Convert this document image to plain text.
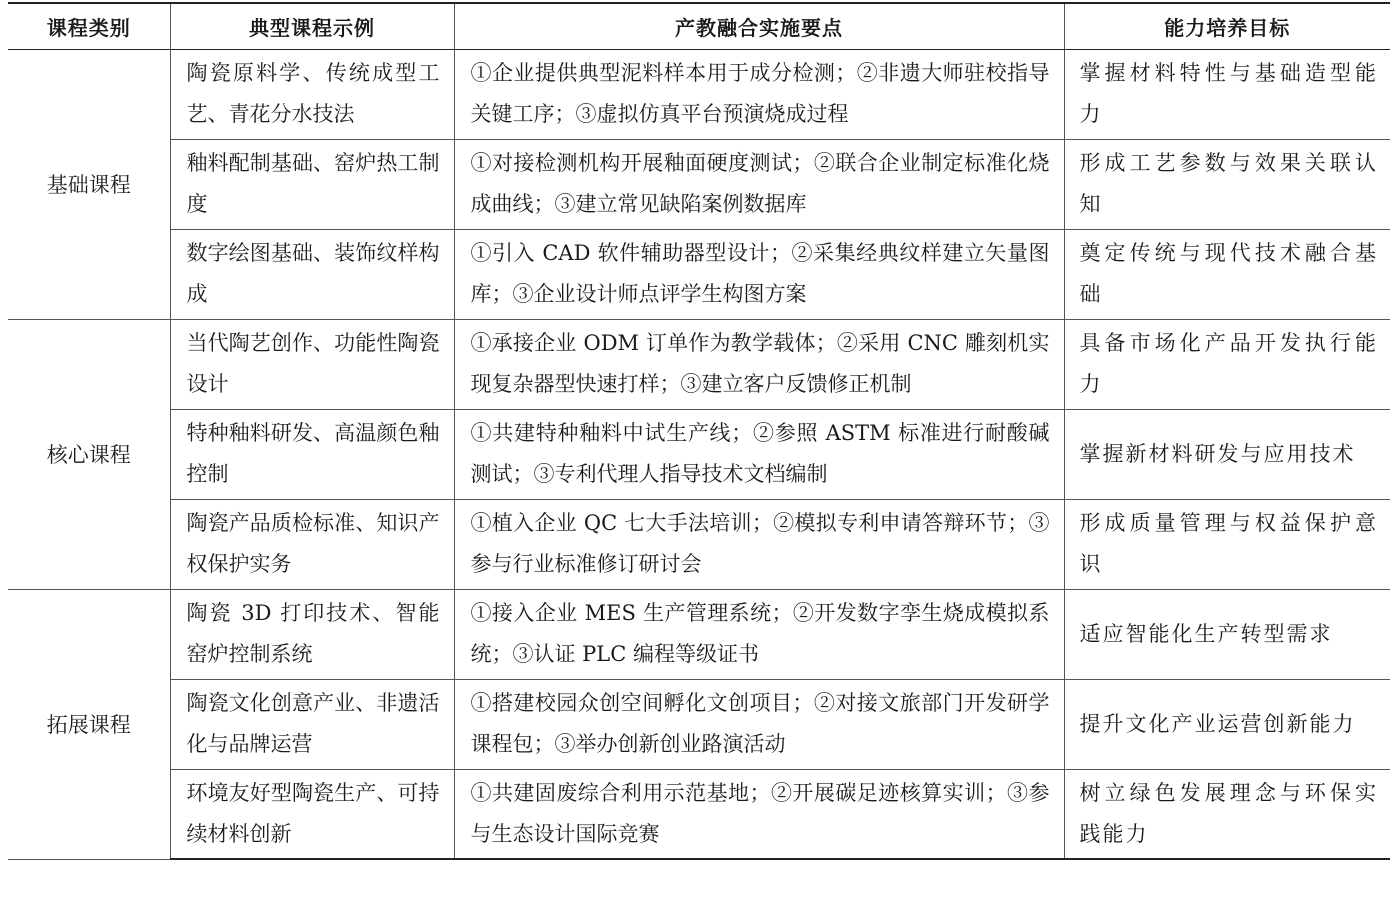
课程类别	典型课程示例	产教融合实施要点	能力培养目标
基础课程	陶瓷原料学、传统成型工艺、青花分水技法	①企业提供典型泥料样本用于成分检测；②非遗大师驻校指导关键工序；③虚拟仿真平台预演烧成过程	掌握材料特性与基础造型能力
	釉料配制基础、窑炉热工制度	①对接检测机构开展釉面硬度测试；②联合企业制定标准化烧成曲线；③建立常见缺陷案例数据库	形成工艺参数与效果关联认知
	数字绘图基础、装饰纹样构成	①引入 CAD 软件辅助器型设计；②采集经典纹样建立矢量图库；③企业设计师点评学生构图方案	奠定传统与现代技术融合基础
核心课程	当代陶艺创作、功能性陶瓷设计	①承接企业 ODM 订单作为教学载体；②采用 CNC 雕刻机实现复杂器型快速打样；③建立客户反馈修正机制	具备市场化产品开发执行能力
	特种釉料研发、高温颜色釉控制	①共建特种釉料中试生产线；②参照 ASTM 标准进行耐酸碱测试；③专利代理人指导技术文档编制	掌握新材料研发与应用技术
	陶瓷产品质检标准、知识产权保护实务	①植入企业 QC 七大手法培训；②模拟专利申请答辩环节；③参与行业标准修订研讨会	形成质量管理与权益保护意识
拓展课程	陶瓷 3D 打印技术、智能窑炉控制系统	①接入企业 MES 生产管理系统；②开发数字孪生烧成模拟系统；③认证 PLC 编程等级证书	适应智能化生产转型需求
	陶瓷文化创意产业、非遗活化与品牌运营	①搭建校园众创空间孵化文创项目；②对接文旅部门开发研学课程包；③举办创新创业路演活动	提升文化产业运营创新能力
	环境友好型陶瓷生产、可持续材料创新	①共建固废综合利用示范基地；②开展碳足迹核算实训；③参与生态设计国际竞赛	树立绿色发展理念与环保实践能力
